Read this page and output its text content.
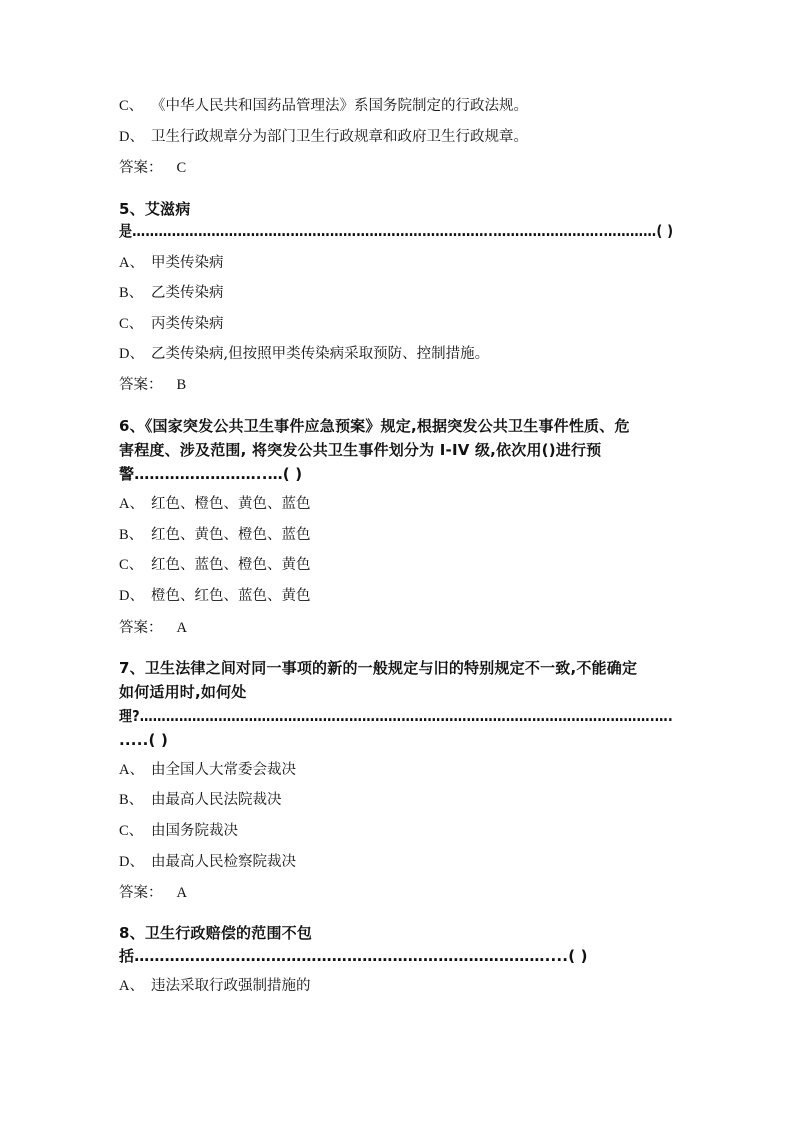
C、 《中华人民共和国药品管理法》系国务院制定的行政法规。
D、 卫生行政规章分为部门卫生行政规章和政府卫生行政规章。
答案： C
5、艾滋病
是……………………………………………………………………….…………………….…………( )
A、 甲类传染病
B、 乙类传染病
C、 丙类传染病
D、 乙类传染病,但按照甲类传染病采取预防、控制措施。
答案： B
6、《国家突发公共卫生事件应急预案》规定,根据突发公共卫生事件性质、危
害程度、涉及范围, 将突发公共卫生事件划分为 I-IV 级,依次用()进行预
警……………………..…( )
A、 红色、橙色、黄色、蓝色
B、 红色、黄色、橙色、蓝色
C、 红色、蓝色、橙色、黄色
D、 橙色、红色、蓝色、黄色
答案： A
7、卫生法律之间对同一事项的新的一般规定与旧的特别规定不一致,不能确定
如何适用时,如何处
理?……………………………………………………………………………………………………….….
.....( )
A、 由全国人大常委会裁决
B、 由最高人民法院裁决
C、 由国务院裁决
D、 由最高人民检察院裁决
答案： A
8、卫生行政赔偿的范围不包
括………………………………………………………………………....( )
A、 违法采取行政强制措施的
